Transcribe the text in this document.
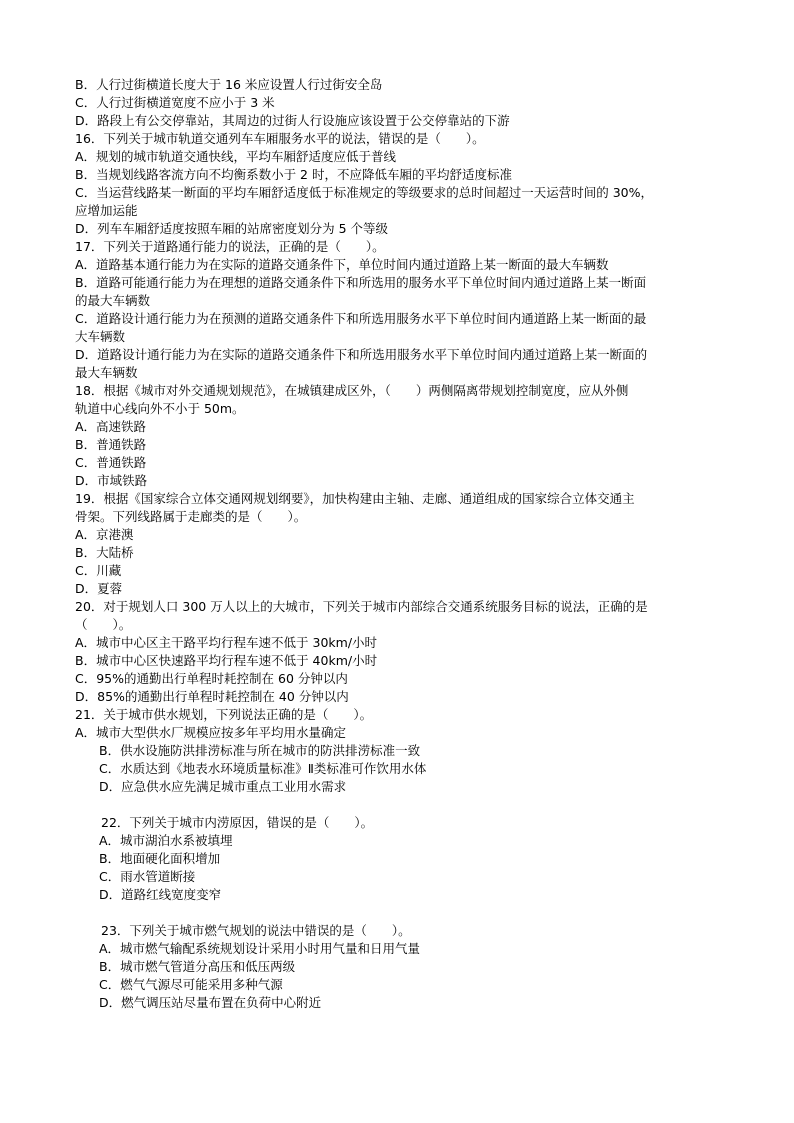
B．人行过街横道长度大于 16 米应设置人行过街安全岛
C．人行过街横道宽度不应小于 3 米
D．路段上有公交停靠站，其周边的过街人行设施应该设置于公交停靠站的下游
16．下列关于城市轨道交通列车车厢服务水平的说法，错误的是（　　）。
A．规划的城市轨道交通快线，平均车厢舒适度应低于普线
B．当规划线路客流方向不均衡系数小于 2 时，不应降低车厢的平均舒适度标准
C．当运营线路某一断面的平均车厢舒适度低于标准规定的等级要求的总时间超过一天运营时间的 30%，
应增加运能
D．列车车厢舒适度按照车厢的站席密度划分为 5 个等级
17．下列关于道路通行能力的说法，正确的是（　　）。
A．道路基本通行能力为在实际的道路交通条件下，单位时间内通过道路上某一断面的最大车辆数
B．道路可能通行能力为在理想的道路交通条件下和所选用的服务水平下单位时间内通过道路上某一断面
的最大车辆数
C．道路设计通行能力为在预测的道路交通条件下和所选用服务水平下单位时间内通道路上某一断面的最
大车辆数
D．道路设计通行能力为在实际的道路交通条件下和所选用服务水平下单位时间内通过道路上某一断面的
最大车辆数
18．根据《城市对外交通规划规范》，在城镇建成区外，（　　）两侧隔离带规划控制宽度，应从外侧
轨道中心线向外不小于 50m。
A．高速铁路
B．普通铁路
C．普通铁路
D．市域铁路
19．根据《国家综合立体交通网规划纲要》，加快构建由主轴、走廊、通道组成的国家综合立体交通主
骨架。下列线路属于走廊类的是（　　）。
A．京港澳
B．大陆桥
C．川藏
D．夏蓉
20．对于规划人口 300 万人以上的大城市，下列关于城市内部综合交通系统服务目标的说法，正确的是
（　　）。
A．城市中心区主干路平均行程车速不低于 30km/小时
B．城市中心区快速路平均行程车速不低于 40km/小时
C．95%的通勤出行单程时耗控制在 60 分钟以内
D．85%的通勤出行单程时耗控制在 40 分钟以内
21．关于城市供水规划，下列说法正确的是（　　）。
A．城市大型供水厂规模应按多年平均用水量确定
B．供水设施防洪排涝标准与所在城市的防洪排涝标准一致
C．水质达到《地表水环境质量标准》Ⅱ类标准可作饮用水体
D．应急供水应先满足城市重点工业用水需求
22．下列关于城市内涝原因，错误的是（　　）。
A．城市湖泊水系被填埋
B．地面硬化面积增加
C．雨水管道断接
D．道路红线宽度变窄
23．下列关于城市燃气规划的说法中错误的是（　　）。
A．城市燃气输配系统规划设计采用小时用气量和日用气量
B．城市燃气管道分高压和低压两级
C．燃气气源尽可能采用多种气源
D．燃气调压站尽量布置在负荷中心附近
